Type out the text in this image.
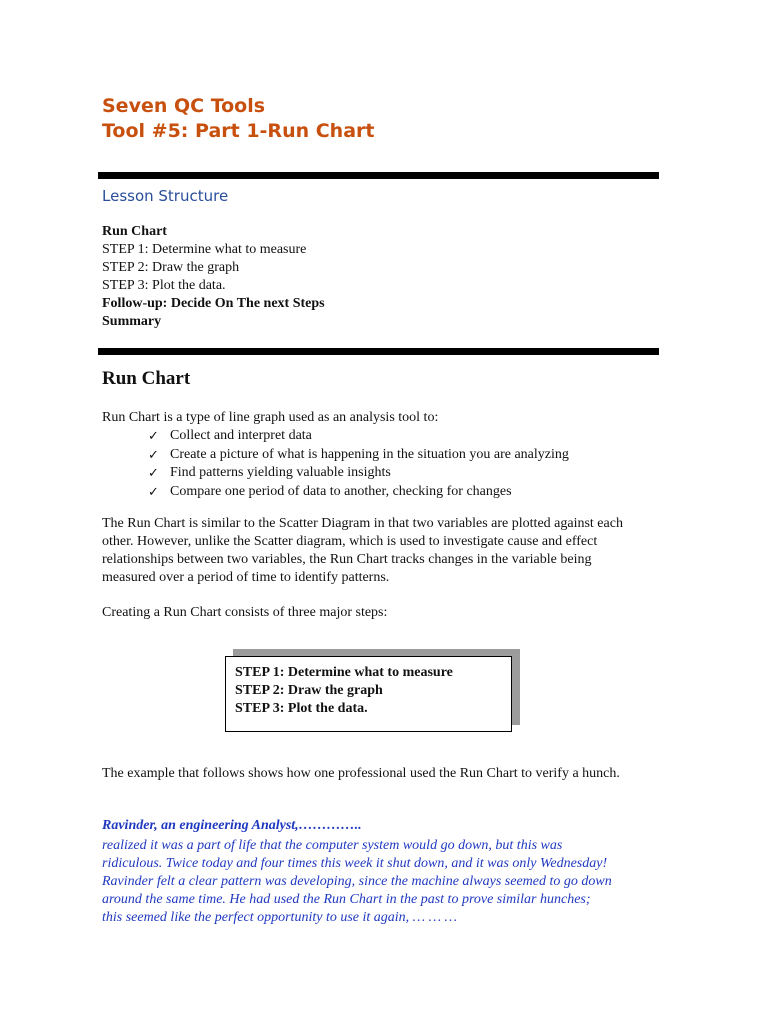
Seven QC Tools
Tool #5: Part 1-Run Chart
Lesson Structure
Run Chart
STEP 1: Determine what to measure
STEP 2: Draw the graph
STEP 3: Plot the data.
Follow-up: Decide On The next Steps
Summary
Run Chart

Run Chart is a type of line graph used as an analysis tool to:

✓ Collect and interpret data
✓ Create a picture of what is happening in the situation you are analyzing
✓ Find patterns yielding valuable insights
✓ Compare one period of data to another, checking for changes

The Run Chart is similar to the Scatter Diagram in that two variables are plotted against each other. However, unlike the Scatter diagram, which is used to investigate cause and effect relationships between two variables, the Run Chart tracks changes in the variable being measured over a period of time to identify patterns.

Creating a Run Chart consists of three major steps:

STEP 1: Determine what to measure
STEP 2: Draw the graph
STEP 3: Plot the data.

The example that follows shows how one professional used the Run Chart to verify a hunch.

Ravinder, an engineering Analyst,…………..

realized it was a part of life that the computer system would go down, but this was
ridiculous. Twice today and four times this week it shut down, and it was only Wednesday!
Ravinder felt a clear pattern was developing, since the machine always seemed to go down
around the same time. He had used the Run Chart in the past to prove similar hunches;
this seemed like the perfect opportunity to use it again, … … …
